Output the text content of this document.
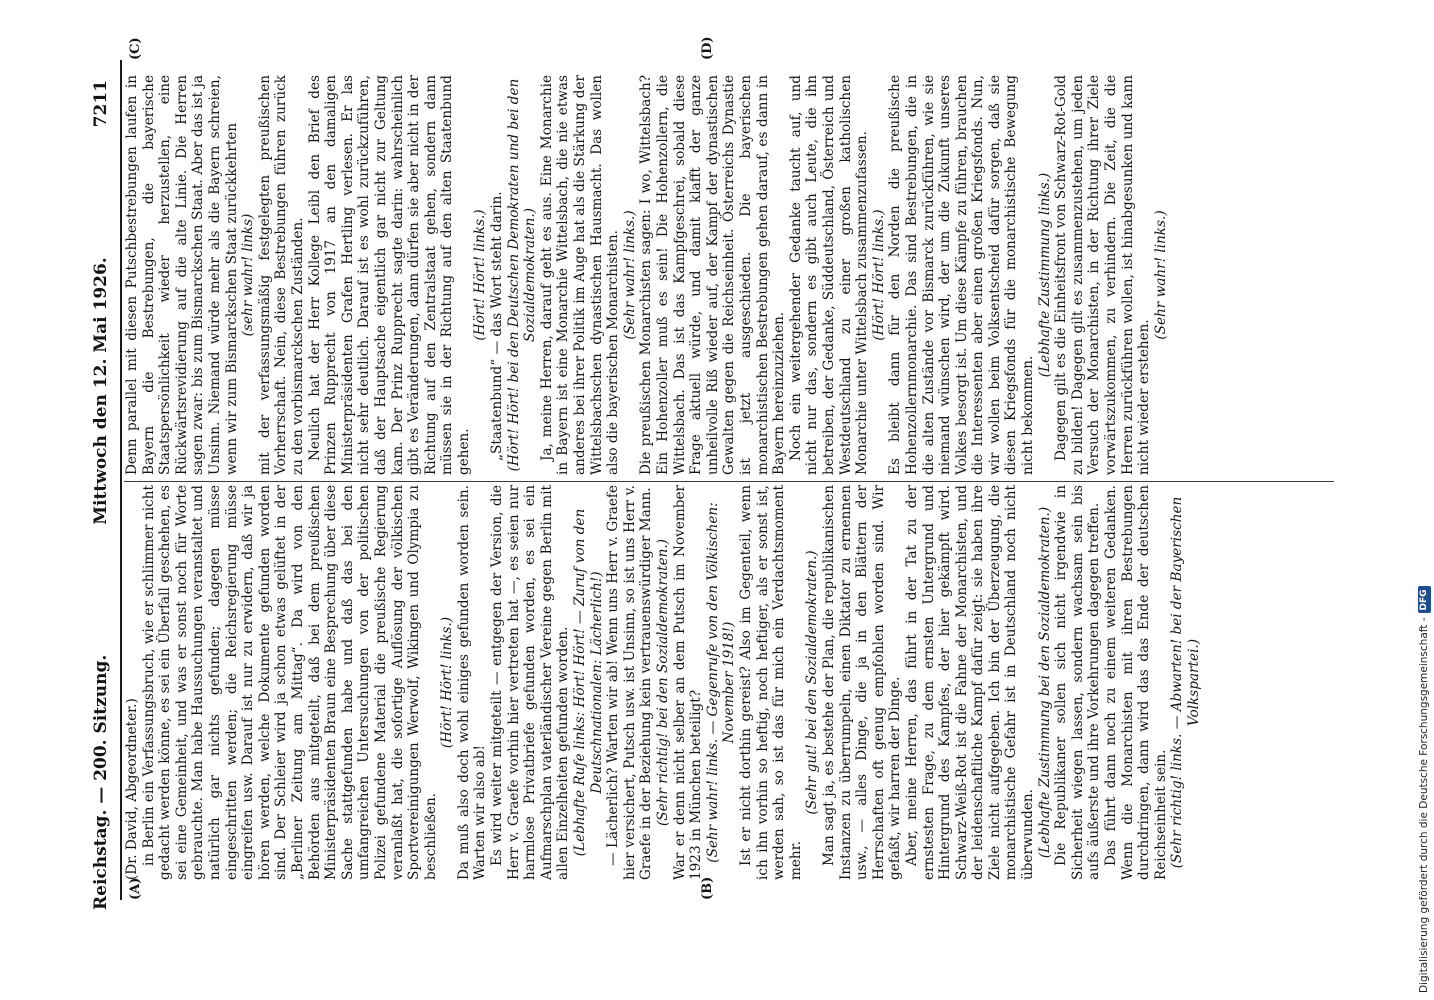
Reichstag. — 200. Sitzung.
Mittwoch den 12. Mai 1926.
7211

(Dr. David, Abgeordneter.) in Berlin ein Verfassungsbruch, wie er schlimmer nicht gedacht werden könne, es sei ein Überfall geschehen, es sei eine Gemeinheit, und was er sonst noch für Worte gebrauchte. Man habe Haussuchungen veranstaltet und natürlich gar nichts gefunden; dagegen müsse eingeschritten werden; die Reichsregierung müsse eingreifen usw. Darauf ist nur zu erwidern, daß wir ja hören werden, welche Dokumente gefunden worden sind. Der Schleier wird ja schon etwas gelüftet in der „Berliner Zeitung am Mittag“. Da wird von den Behörden aus mitgeteilt, daß bei dem preußischen Ministerpräsidenten Braun eine Besprechung über diese Sache stattgefunden habe und daß das bei den umfangreichen Untersuchungen von der politischen Polizei gefundene Material die preußische Regierung veranlaßt hat, die sofortige Auflösung der völkischen Sportvereinigungen Werwolf, Wikingen und Olympia zu beschließen.

(Hört! Hört! links.) Da muß also doch wohl einiges gefunden worden sein. Warten wir also ab! Es wird weiter mitgeteilt — entgegen der Version, die Herr v. Graefe vorhin hier vertreten hat —, es seien nur harmlose Privatbriefe gefunden worden, es sei ein Aufmarschplan vaterländischer Vereine gegen Berlin mit allen Einzelheiten gefunden worden. (Lebhafte Rufe links: Hört! Hört! — Zuruf von den Deutschnationalen: Lächerlich!) — Lächerlich? Warten wir ab! Wenn uns Herr v. Graefe hier versichert, Putsch usw. ist Unsinn, so ist uns Herr v. Graefe in der Beziehung kein vertrauenswürdiger Mann. (Sehr richtig! bei den Sozialdemokraten.) War er denn nicht selber an dem Putsch im November 1923 in München beteiligt? (Sehr wahr! links. — Gegenrufe von den Völkischen: November 1918!) Ist er nicht dorthin gereist? Also im Gegenteil, wenn ich ihn vorhin so heftig, noch heftiger, als er sonst ist, werden sah, so ist das für mich ein Verdachtsmoment mehr.

(Sehr gut! bei den Sozialdemokraten.) Man sagt ja, es bestehe der Plan, die republikanischen Instanzen zu überrumpeln, einen Diktator zu ernennen usw., — alles Dinge, die ja in den Blättern der Herrschaften oft genug empfohlen worden sind. Wir gefaßt, wir harren der Dinge. Aber, meine Herren, das führt in der Tat zu der ernstesten Frage, zu dem ernsten Untergrund und Hintergrund des Kampfes, der hier gekämpft wird. Schwarz-Weiß-Rot ist die Fahne der Monarchisten, und der leidenschaftliche Kampf dafür zeigt: sie haben ihre Ziele nicht aufgegeben. Ich bin der Überzeugung, die monarchistische Gefahr ist in Deutschland noch nicht überwunden. (Lebhafte Zustimmung bei den Sozialdemokraten.) Die Republikaner sollen sich nicht irgendwie in Sicherheit wiegen lassen, sondern wachsam sein bis aufs äußerste und ihre Vorkehrungen dagegen treffen. Das führt dann noch zu einem weiteren Gedanken. Wenn die Monarchisten mit ihren Bestrebungen durchdringen, dann wird das das Ende der deutschen Reichseinheit sein. (Sehr richtig! links. — Abwarten! bei der Bayerischen Volkspartei.)

Denn parallel mit diesen Putschbestrebungen laufen in Bayern die Bestrebungen, die bayerische Staatspersönlichkeit wieder herzustellen, eine Rückwärtsrevidierung auf die alte Linie. Die Herren sagen zwar: bis zum Bismarckschen Staat. Aber das ist ja Unsinn. Niemand würde mehr als die Bayern schreien, wenn wir zum Bismarckschen Staat zurückkehrten (sehr wahr! links) mit der verfassungsmäßig festgelegten preußischen Vorherrschaft. Nein, diese Bestrebungen führen zurück zu den vorbismarckschen Zuständen. Neulich hat der Herr Kollege Leibl den Brief des Prinzen Rupprecht von 1917 an den damaligen Ministerpräsidenten Grafen Hertling verlesen. Er las nicht sehr deutlich. Darauf ist es wohl zurückzuführen, daß der Hauptsache eigentlich gar nicht zur Geltung kam. Der Prinz Rupprecht sagte darin: wahrscheinlich gibt es Veränderungen, dann dürfen sie aber nicht in der Richtung auf den Zentralstaat gehen, sondern dann müssen sie in der Richtung auf den alten Staatenbund gehen.

(Hört! Hört! links.) „Staatenbund“ — das Wort steht darin. (Hört! Hört! bei den Deutschen Demokraten und bei den Sozialdemokraten.) Ja, meine Herren, darauf geht es aus. Eine Monarchie in Bayern ist eine Monarchie Wittelsbach, die nie etwas anderes bei ihrer Politik im Auge hat als die Stärkung der Wittelsbachschen dynastischen Hausmacht. Das wollen also die bayerischen Monarchisten. (Sehr wahr! links.) Die preußischen Monarchisten sagen: I wo, Wittelsbach? Ein Hohenzoller muß es sein! Die Hohenzollern, die Wittelsbach. Das ist das Kampfgeschrei, sobald diese Frage aktuell würde, und damit klafft der ganze unheilvolle Riß wieder auf, der Kampf der dynastischen Gewalten gegen die Reichseinheit. Österreichs Dynastie ist jetzt ausgeschieden. Die bayerischen monarchistischen Bestrebungen gehen darauf, es dann in Bayern hereinzuziehen. Noch ein weitergehender Gedanke taucht auf, und nicht nur das, sondern es gibt auch Leute, die ihn betreiben, der Gedanke, Süddeutschland, Österreich und Westdeutschland zu einer großen katholischen Monarchie unter Wittelsbach zusammenzufassen. (Hört! Hört! links.) Es bleibt dann für den Norden die preußische Hohenzollernmonarchie. Das sind Bestrebungen, die in die alten Zustände vor Bismarck zurückführen, wie sie niemand wünschen wird, der um die Zukunft unseres Volkes besorgt ist. Um diese Kämpfe zu führen, brauchen die Interessenten aber einen großen Kriegsfonds. Nun, wir wollen beim Volksentscheid dafür sorgen, daß sie diesen Kriegsfonds für die monarchistische Bewegung nicht bekommen.

(Lebhafte Zustimmung links.) Dagegen gilt es die Einheitsfront von Schwarz-Rot-Gold zu bilden! Dagegen gilt es zusammenzustehen, um jeden Versuch der Monarchisten, in der Richtung ihrer Ziele vorwärtszukommen, zu verhindern. Die Zeit, die die Herren zurückführen wollen, ist hinabgesunken und kann nicht wieder erstehen.

(Sehr wahr! links.)

(A)	(B)
(C)	(D)
Digitalisierung gefördert durch die Deutsche Forschungsgemeinschaft -
DFG
